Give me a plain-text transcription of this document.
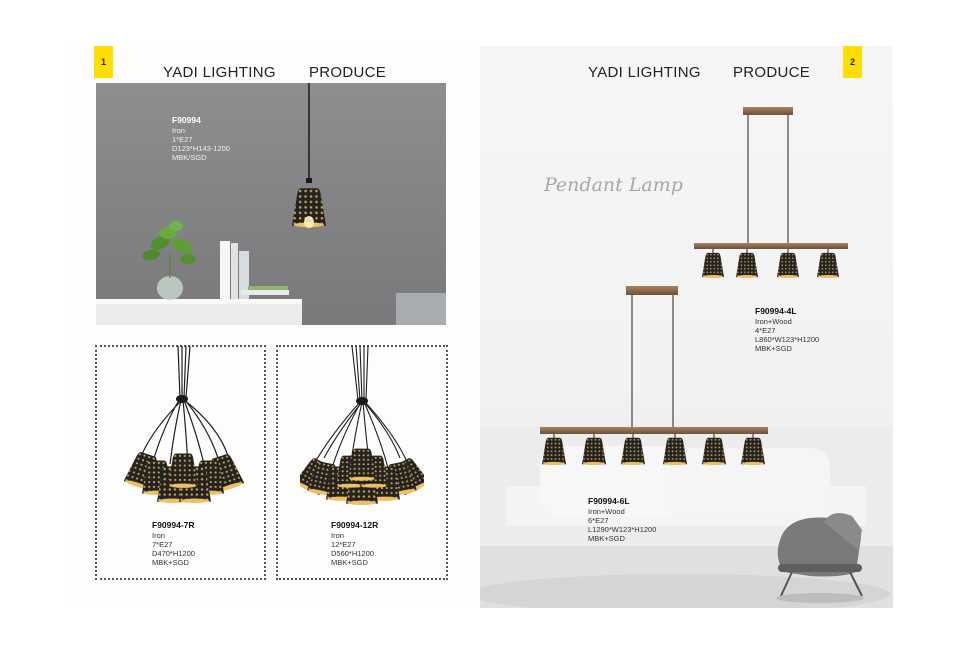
1
YADI LIGHTING PRODUCE
F90994
Iron
1*E27
D123*H143-1200
MBK/SGD
F90994-7R
Iron
7*E27
D470*H1200
MBK+SGD
F90994-12R
Iron
12*E27
D560*H1200
MBK+SGD
2
YADI LIGHTING PRODUCE
Pendant Lamp
F90994-4L
Iron+Wood
4*E27
L860*W123*H1200
MBK+SGD
F90994-6L
Iron+Wood
6*E27
L1290*W123*H1200
MBK+SGD
